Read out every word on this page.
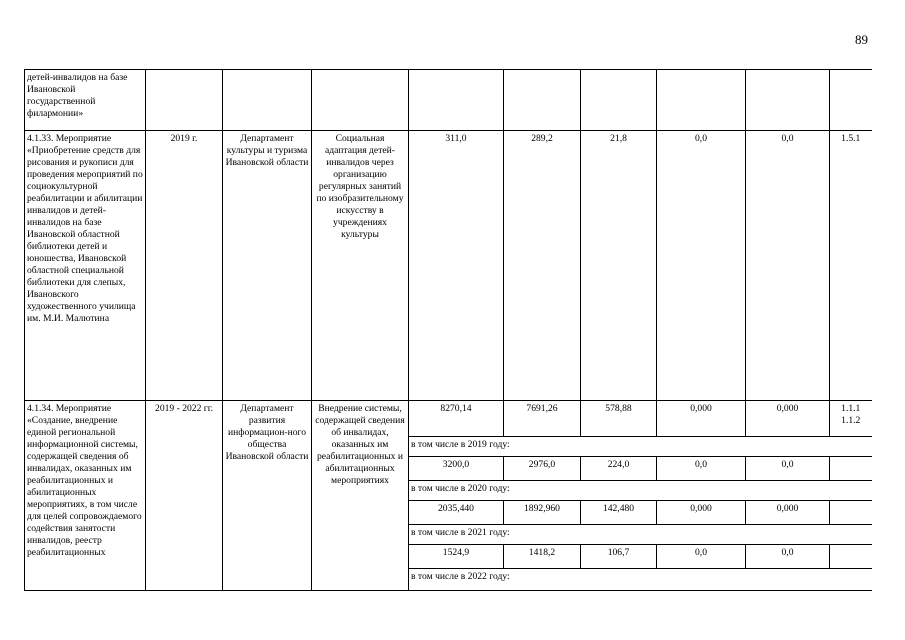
89
детей-инвалидов на базе Ивановской государственной филармонии»									
4.1.33. Мероприятие «Приобретение средств для рисования и рукописи для проведения мероприятий по социокультурной реабилитации и абилитации инвалидов и детей-инвалидов на базе Ивановской областной библиотеки детей и юношества, Ивановской областной специальной библиотеки для слепых, Ивановского художественного училища им. М.И. Малютина	2019 г.	Департамент культуры и туризма Ивановской области	Социальная адаптация детей-инвалидов через организацию регулярных занятий по изобразительному искусству в учреждениях культуры	311,0	289,2	21,8	0,0	0,0	1.5.1
4.1.34. Мероприятие «Создание, внедрение единой региональной информационной системы, содержащей сведения об инвалидах, оказанных им реабилитационных и абилитационных мероприятиях, в том числе для целей сопровождаемого содействия занятости инвалидов, реестр реабилитационных	2019 - 2022 гг.	Департамент развития информацион-ного общества Ивановской области	Внедрение системы, содержащей сведения об инвалидах, оказанных им реабилитационных и абилитационных мероприятиях	8270,14	7691,26	578,88	0,000	0,000	1.1.1
1.1.2

				в том числе в 2019 году:					
				3200,0	2976,0	224,0	0,0	0,0	
				в том числе в 2020 году:					
				2035,440	1892,960	142,480	0,000	0,000	
				в том числе в 2021 году:					
				1524,9	1418,2	106,7	0,0	0,0	
				в том числе в 2022 году:					
